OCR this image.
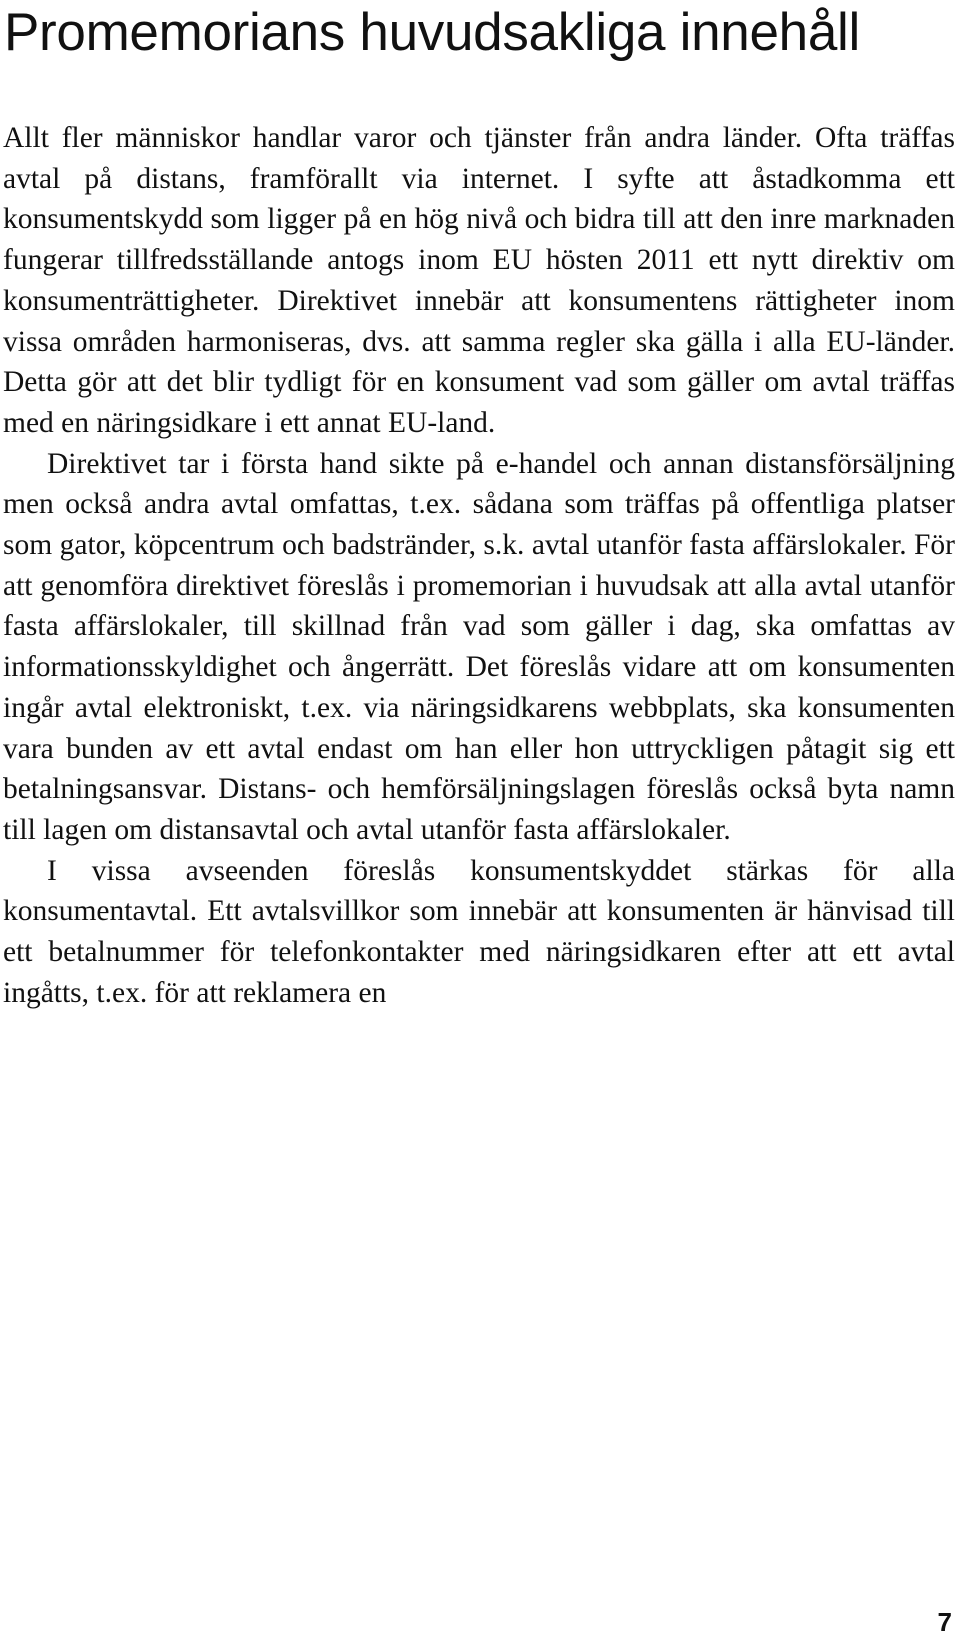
Promemorians huvudsakliga innehåll

Allt fler människor handlar varor och tjänster från andra länder. Ofta träffas avtal på distans, framförallt via internet. I syfte att åstadkomma ett konsumentskydd som ligger på en hög nivå och bidra till att den inre marknaden fungerar tillfredsställande antogs inom EU hösten 2011 ett nytt direktiv om konsumenträttigheter. Direktivet innebär att konsumentens rättigheter inom vissa områden harmoniseras, dvs. att samma regler ska gälla i alla EU-länder. Detta gör att det blir tydligt för en konsument vad som gäller om avtal träffas med en näringsidkare i ett annat EU-land.

Direktivet tar i första hand sikte på e-handel och annan distansförsäljning men också andra avtal omfattas, t.ex. sådana som träffas på offentliga platser som gator, köpcentrum och badstränder, s.k. avtal utanför fasta affärslokaler. För att genomföra direktivet föreslås i promemorian i huvudsak att alla avtal utanför fasta affärslokaler, till skillnad från vad som gäller i dag, ska omfattas av informationsskyldighet och ångerrätt. Det föreslås vidare att om konsumenten ingår avtal elektroniskt, t.ex. via näringsidkarens webbplats, ska konsumenten vara bunden av ett avtal endast om han eller hon uttryckligen påtagit sig ett betalningsansvar. Distans- och hemförsäljningslagen föreslås också byta namn till lagen om distansavtal och avtal utanför fasta affärslokaler.

I vissa avseenden föreslås konsumentskyddet stärkas för alla konsumentavtal. Ett avtalsvillkor som innebär att konsumenten är hänvisad till ett betalnummer för telefonkontakter med näringsidkaren efter att ett avtal ingåtts, t.ex. för att reklamera en

7
